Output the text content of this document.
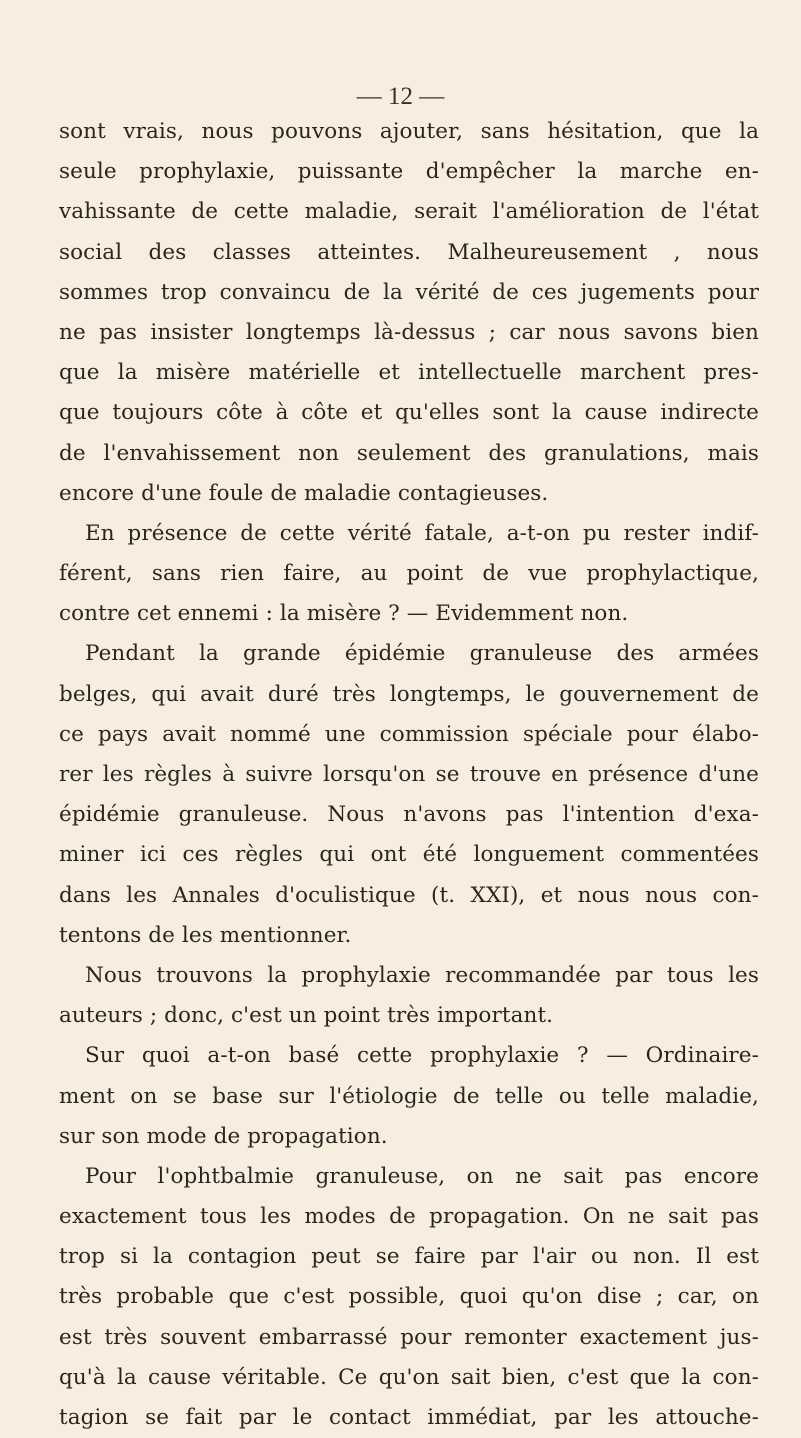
— 12 —
sont vrais, nous pouvons ajouter, sans hésitation, que la
seule prophylaxie, puissante d'empêcher la marche en-
vahissante de cette maladie, serait l'amélioration de l'état
social des classes atteintes. Malheureusement , nous
sommes trop convaincu de la vérité de ces jugements pour
ne pas insister longtemps là-dessus ; car nous savons bien
que la misère matérielle et intellectuelle marchent pres-
que toujours côte à côte et qu'elles sont la cause indirecte
de l'envahissement non seulement des granulations, mais
encore d'une foule de maladie contagieuses.
En présence de cette vérité fatale, a-t-on pu rester indif-
férent, sans rien faire, au point de vue prophylactique,
contre cet ennemi : la misère ? — Evidemment non.
Pendant la grande épidémie granuleuse des armées
belges, qui avait duré très longtemps, le gouvernement de
ce pays avait nommé une commission spéciale pour élabo-
rer les règles à suivre lorsqu'on se trouve en présence d'une
épidémie granuleuse. Nous n'avons pas l'intention d'exa-
miner ici ces règles qui ont été longuement commentées
dans les Annales d'oculistique (t. XXI), et nous nous con-
tentons de les mentionner.
Nous trouvons la prophylaxie recommandée par tous les
auteurs ; donc, c'est un point très important.
Sur quoi a-t-on basé cette prophylaxie ? — Ordinaire-
ment on se base sur l'étiologie de telle ou telle maladie,
sur son mode de propagation.
Pour l'ophtbalmie granuleuse, on ne sait pas encore
exactement tous les modes de propagation. On ne sait pas
trop si la contagion peut se faire par l'air ou non. Il est
très probable que c'est possible, quoi qu'on dise ; car, on
est très souvent embarrassé pour remonter exactement jus-
qu'à la cause véritable. Ce qu'on sait bien, c'est que la con-
tagion se fait par le contact immédiat, par les attouche-
